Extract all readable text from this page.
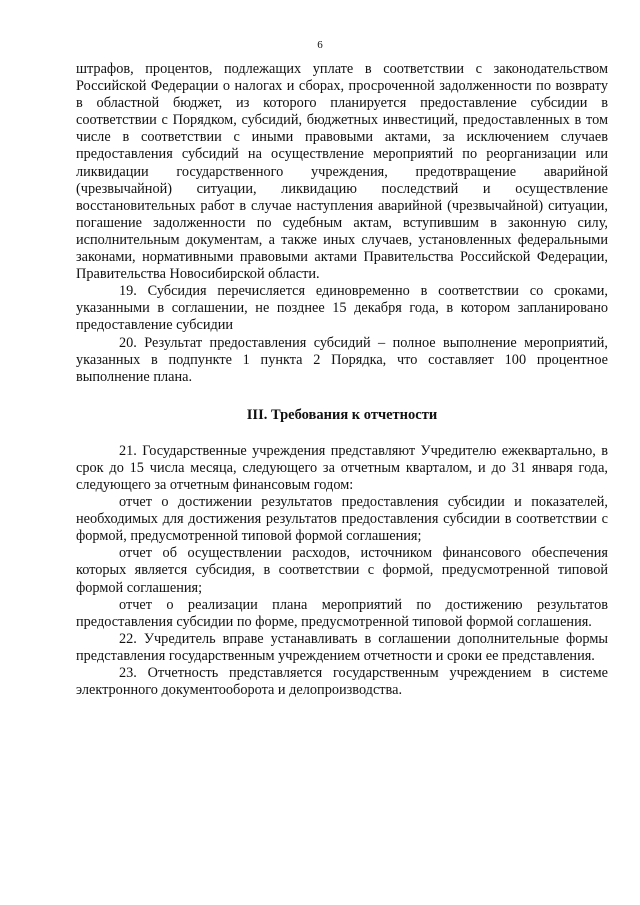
6

штрафов, процентов, подлежащих уплате в соответствии с законодательством Российской Федерации о налогах и сборах, просроченной задолженности по возврату в областной бюджет, из которого планируется предоставление субсидии в соответствии с Порядком, субсидий, бюджетных инвестиций, предоставленных в том числе в соответствии с иными правовыми актами, за исключением случаев предоставления субсидий на осуществление мероприятий по реорганизации или ликвидации государственного учреждения, предотвращение аварийной (чрезвычайной) ситуации, ликвидацию последствий и осуществление восстановительных работ в случае наступления аварийной (чрезвычайной) ситуации, погашение задолженности по судебным актам, вступившим в законную силу, исполнительным документам, а также иных случаев, установленных федеральными законами, нормативными правовыми актами Правительства Российской Федерации, Правительства Новосибирской области.

19. Субсидия перечисляется единовременно в соответствии со сроками, указанными в соглашении, не позднее 15 декабря года, в котором запланировано предоставление субсидии

20. Результат предоставления субсидий – полное выполнение мероприятий, указанных в подпункте 1 пункта 2 Порядка, что составляет 100 процентное выполнение плана.

III. Требования к отчетности

21. Государственные учреждения представляют Учредителю ежеквартально, в срок до 15 числа месяца, следующего за отчетным кварталом, и до 31 января года, следующего за отчетным финансовым годом:

отчет о достижении результатов предоставления субсидии и показателей, необходимых для достижения результатов предоставления субсидии в соответствии с формой, предусмотренной типовой формой соглашения;

отчет об осуществлении расходов, источником финансового обеспечения которых является субсидия, в соответствии с формой, предусмотренной типовой формой соглашения;

отчет о реализации плана мероприятий по достижению результатов предоставления субсидии по форме, предусмотренной типовой формой соглашения.

22. Учредитель вправе устанавливать в соглашении дополнительные формы представления государственным учреждением отчетности и сроки ее представления.

23. Отчетность представляется государственным учреждением в системе электронного документооборота и делопроизводства.
